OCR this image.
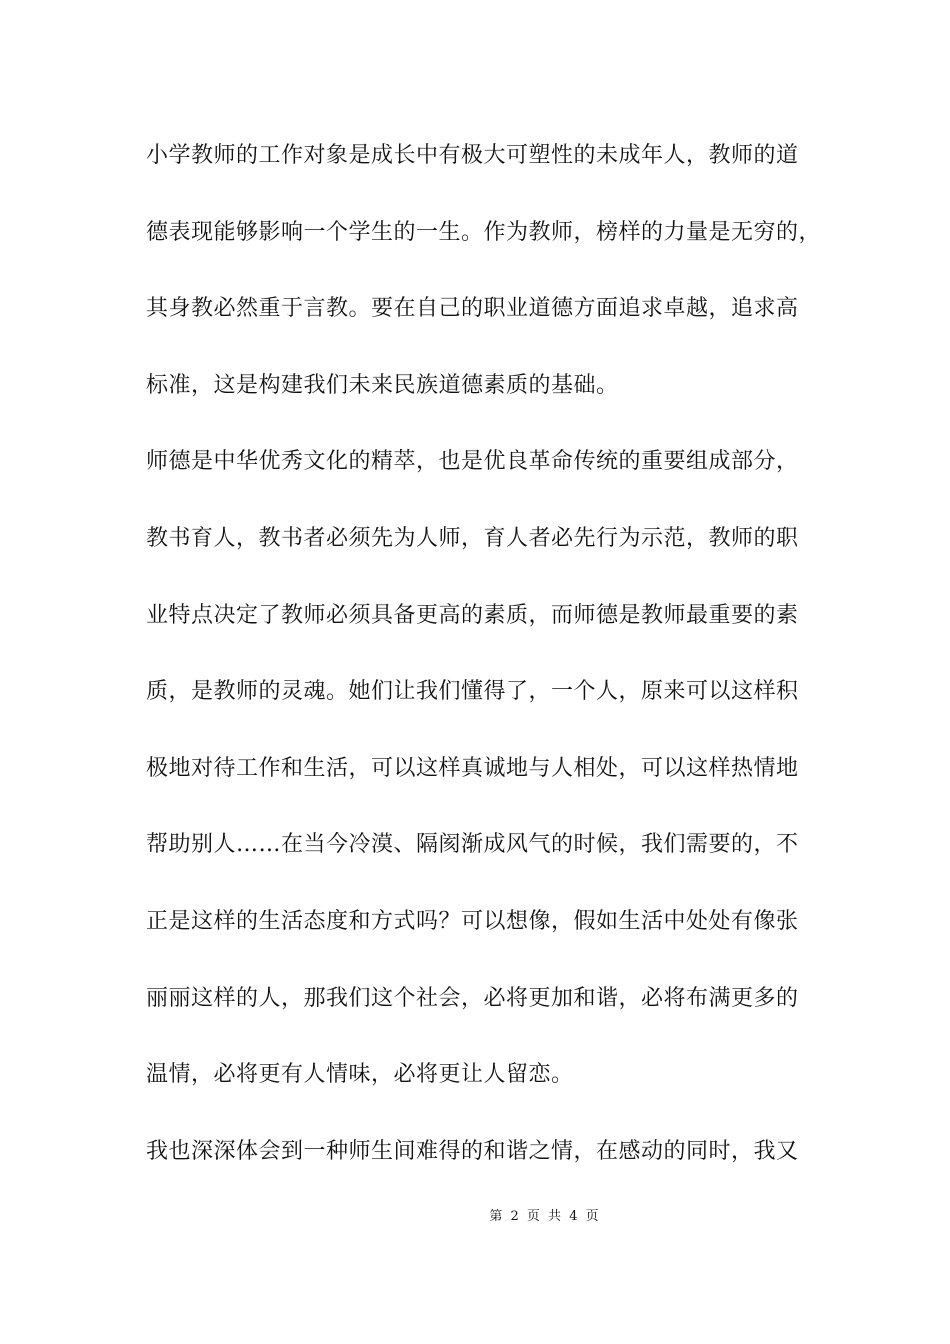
小学教师的工作对象是成长中有极大可塑性的未成年人，教师的道
德表现能够影响一个学生的一生。作为教师，榜样的力量是无穷的，
其身教必然重于言教。要在自己的职业道德方面追求卓越，追求高
标准，这是构建我们未来民族道德素质的基础。
师德是中华优秀文化的精萃，也是优良革命传统的重要组成部分，
教书育人，教书者必须先为人师，育人者必先行为示范，教师的职
业特点决定了教师必须具备更高的素质，而师德是教师最重要的素
质，是教师的灵魂。她们让我们懂得了，一个人，原来可以这样积
极地对待工作和生活，可以这样真诚地与人相处，可以这样热情地
帮助别人……在当今冷漠、隔阂渐成风气的时候，我们需要的，不
正是这样的生活态度和方式吗？可以想像，假如生活中处处有像张
丽丽这样的人，那我们这个社会，必将更加和谐，必将布满更多的
温情，必将更有人情味，必将更让人留恋。
我也深深体会到一种师生间难得的和谐之情，在感动的同时，我又
第 2 页 共 4 页
